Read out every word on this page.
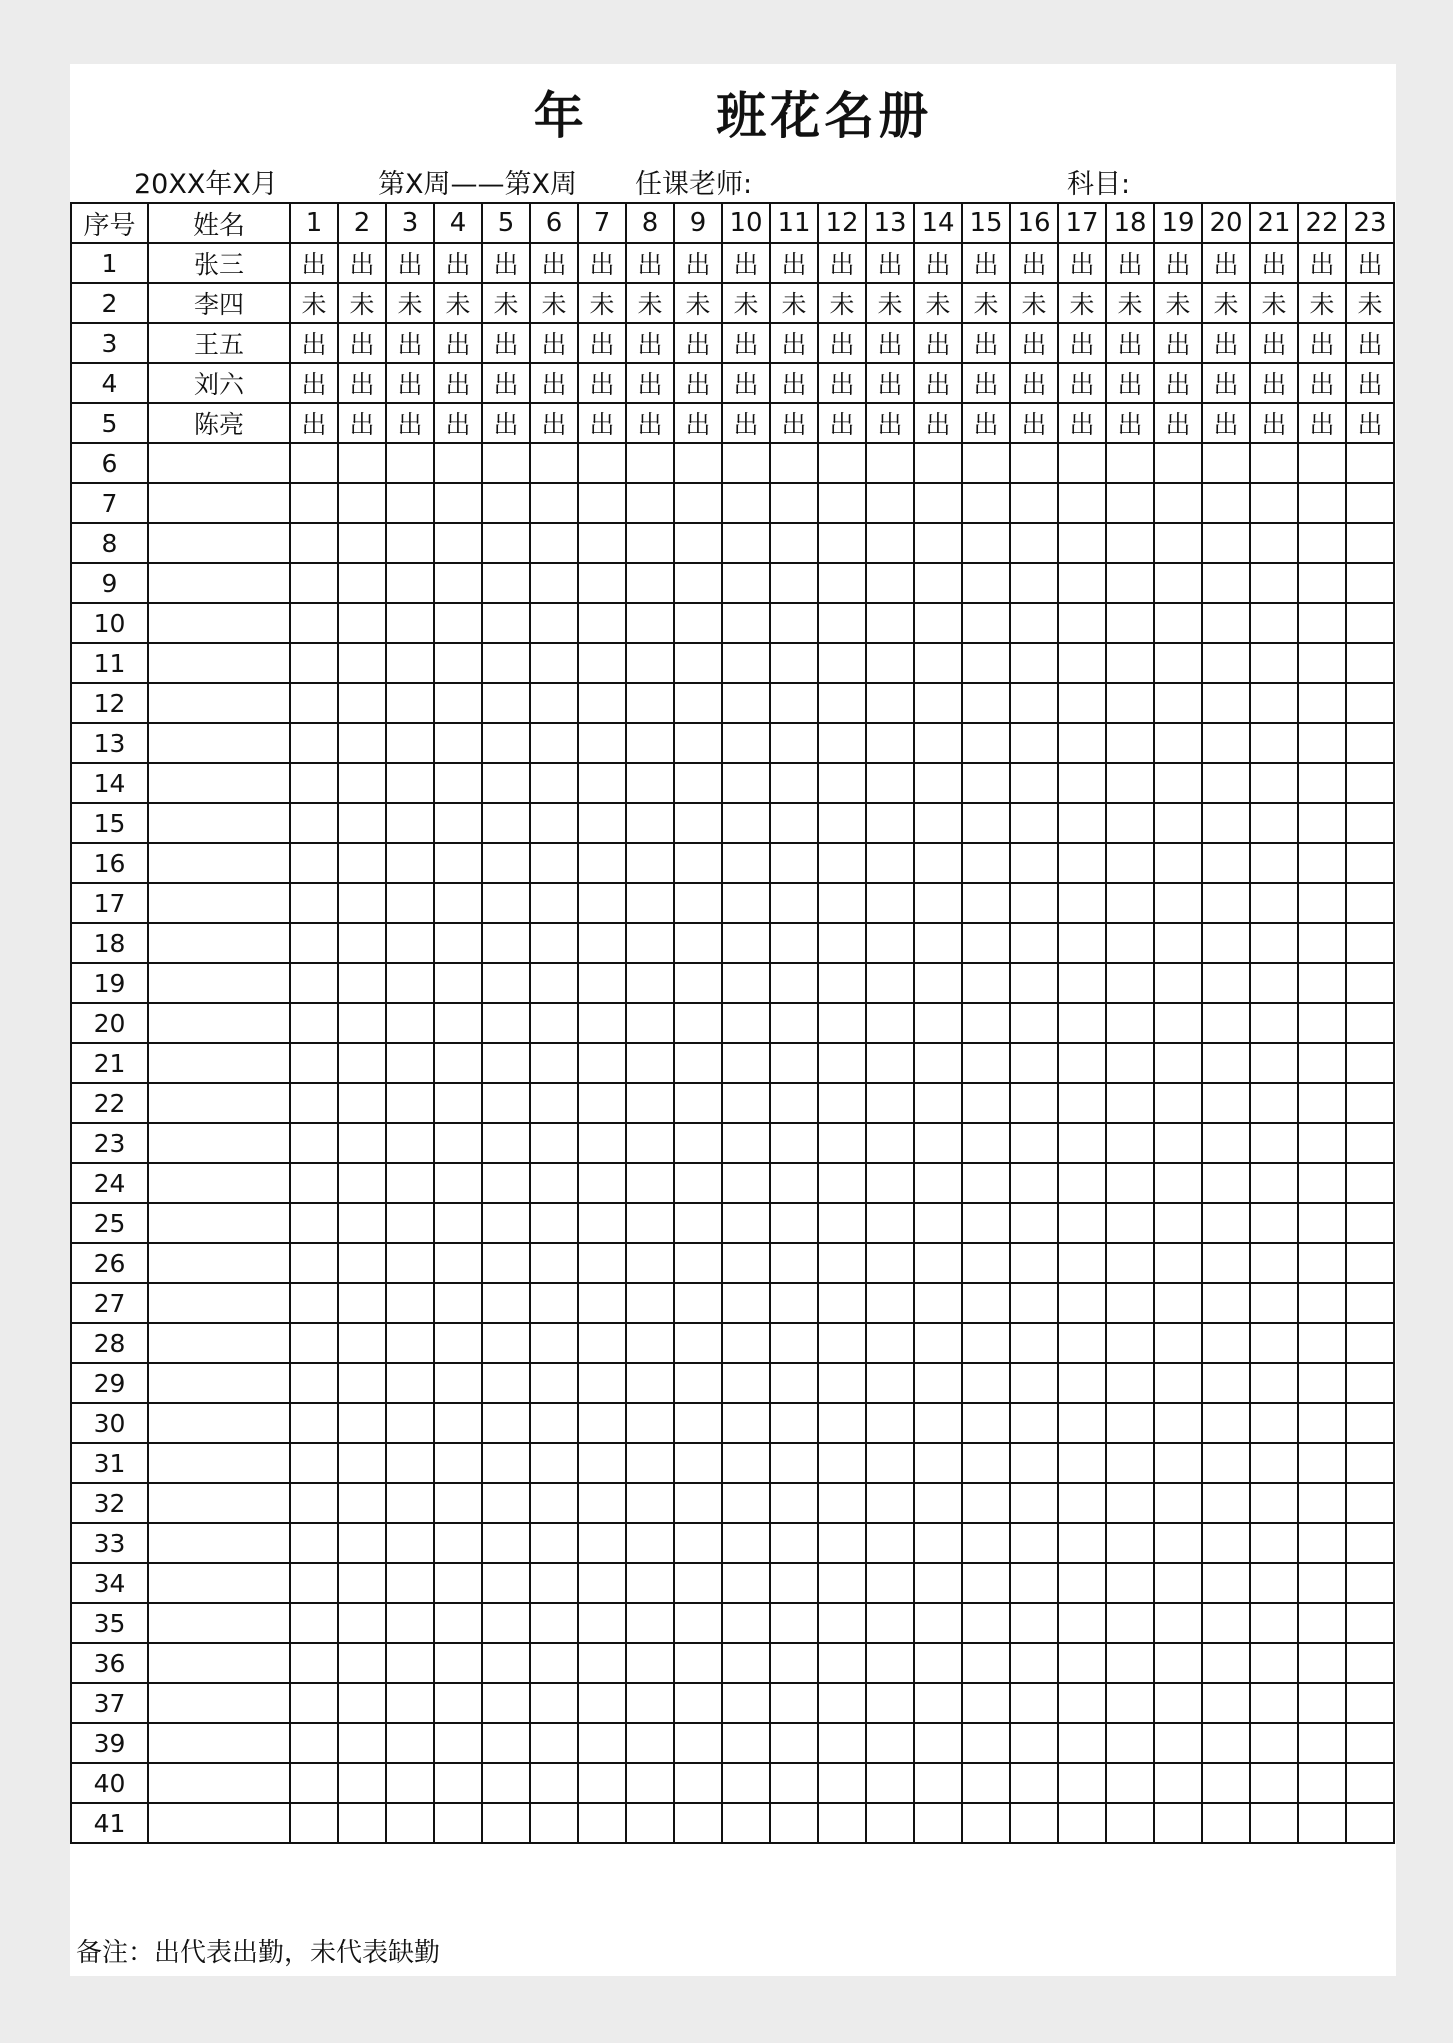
年      班花名册
20XX年X月	第X周——第X周 任课老师:	科目:
序号	姓名	1	2	3	4	5	6	7	8	9	10	11	12	13	14	15	16	17	18	19	20	21	22	23
1	张三	出	出	出	出	出	出	出	出	出	出	出	出	出	出	出	出	出	出	出	出	出	出	出
2	李四	未	未	未	未	未	未	未	未	未	未	未	未	未	未	未	未	未	未	未	未	未	未	未
3	王五	出	出	出	出	出	出	出	出	出	出	出	出	出	出	出	出	出	出	出	出	出	出	出
4	刘六	出	出	出	出	出	出	出	出	出	出	出	出	出	出	出	出	出	出	出	出	出	出	出
5	陈亮	出	出	出	出	出	出	出	出	出	出	出	出	出	出	出	出	出	出	出	出	出	出	出
6																								
7																								
8																								
9																								
10																								
11																								
12																								
13																								
14																								
15																								
16																								
17																								
18																								
19																								
20																								
21																								
22																								
23																								
24																								
25																								
26																								
27																								
28																								
29																								
30																								
31																								
32																								
33																								
34																								
35																								
36																								
37																								
39																								
40																								
41																								
备注：出代表出勤，未代表缺勤
